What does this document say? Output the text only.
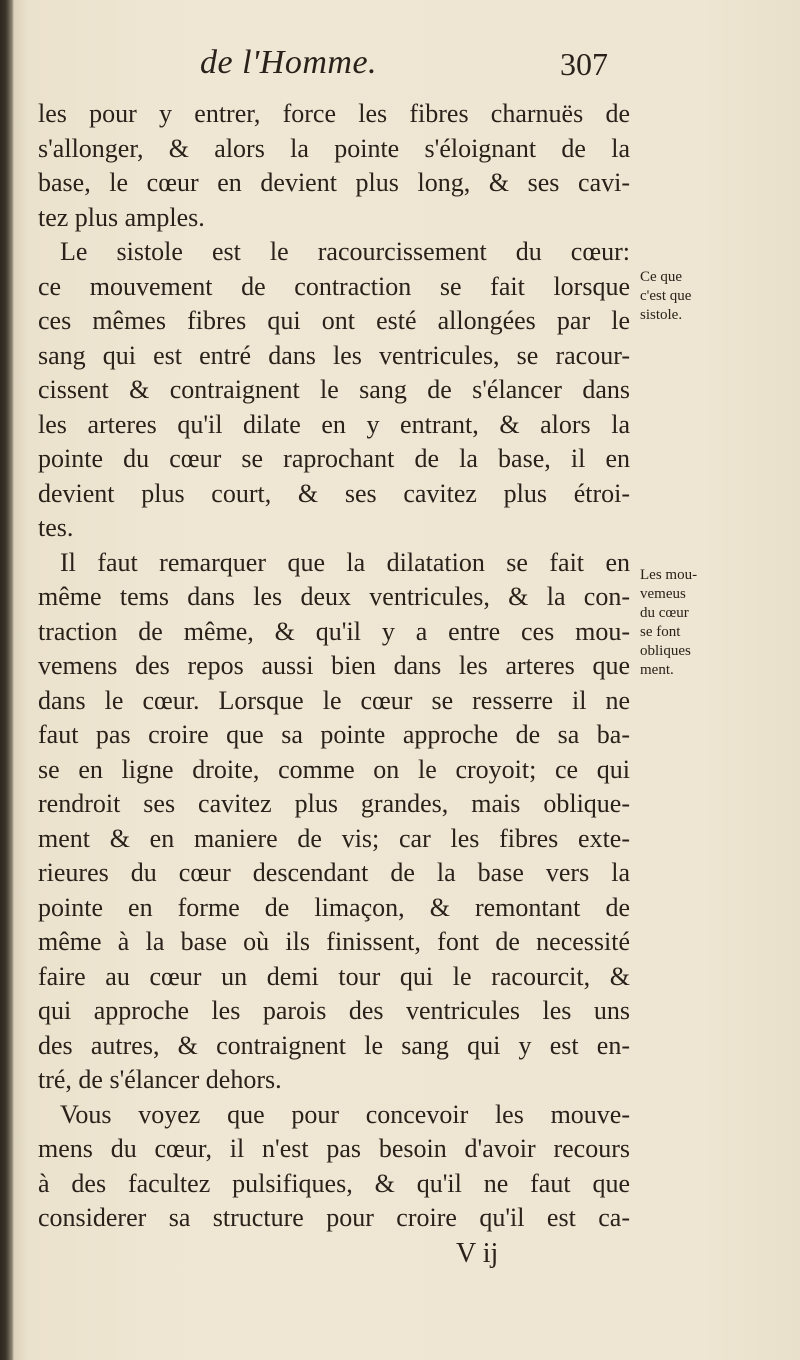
de l'Homme.	307
les pour y entrer, force les fibres charnuës de
s'allonger, & alors la pointe s'éloignant de la
base, le cœur en devient plus long, & ses cavi-
tez plus amples.
Le sistole est le racourcissement du cœur:
ce mouvement de contraction se fait lorsque
ces mêmes fibres qui ont esté allongées par le
sang qui est entré dans les ventricules, se racour-
cissent & contraignent le sang de s'élancer dans
les arteres qu'il dilate en y entrant, & alors la
pointe du cœur se raprochant de la base, il en
devient plus court, & ses cavitez plus étroi-
tes.
Il faut remarquer que la dilatation se fait en
même tems dans les deux ventricules, & la con-
traction de même, & qu'il y a entre ces mou-
vemens des repos aussi bien dans les arteres que
dans le cœur. Lorsque le cœur se resserre il ne
faut pas croire que sa pointe approche de sa ba-
se en ligne droite, comme on le croyoit; ce qui
rendroit ses cavitez plus grandes, mais oblique-
ment & en maniere de vis; car les fibres exte-
rieures du cœur descendant de la base vers la
pointe en forme de limaçon, & remontant de
même à la base où ils finissent, font de necessité
faire au cœur un demi tour qui le racourcit, &
qui approche les parois des ventricules les uns
des autres, & contraignent le sang qui y est en-
tré, de s'élancer dehors.
Vous voyez que pour concevoir les mouve-
mens du cœur, il n'est pas besoin d'avoir recours
à des facultez pulsifiques, & qu'il ne faut que
considerer sa structure pour croire qu'il est ca-
Ce que
c'est que
sistole.
Les mou-
vemeus
du cœur
se font
obliques
ment.
V ij
